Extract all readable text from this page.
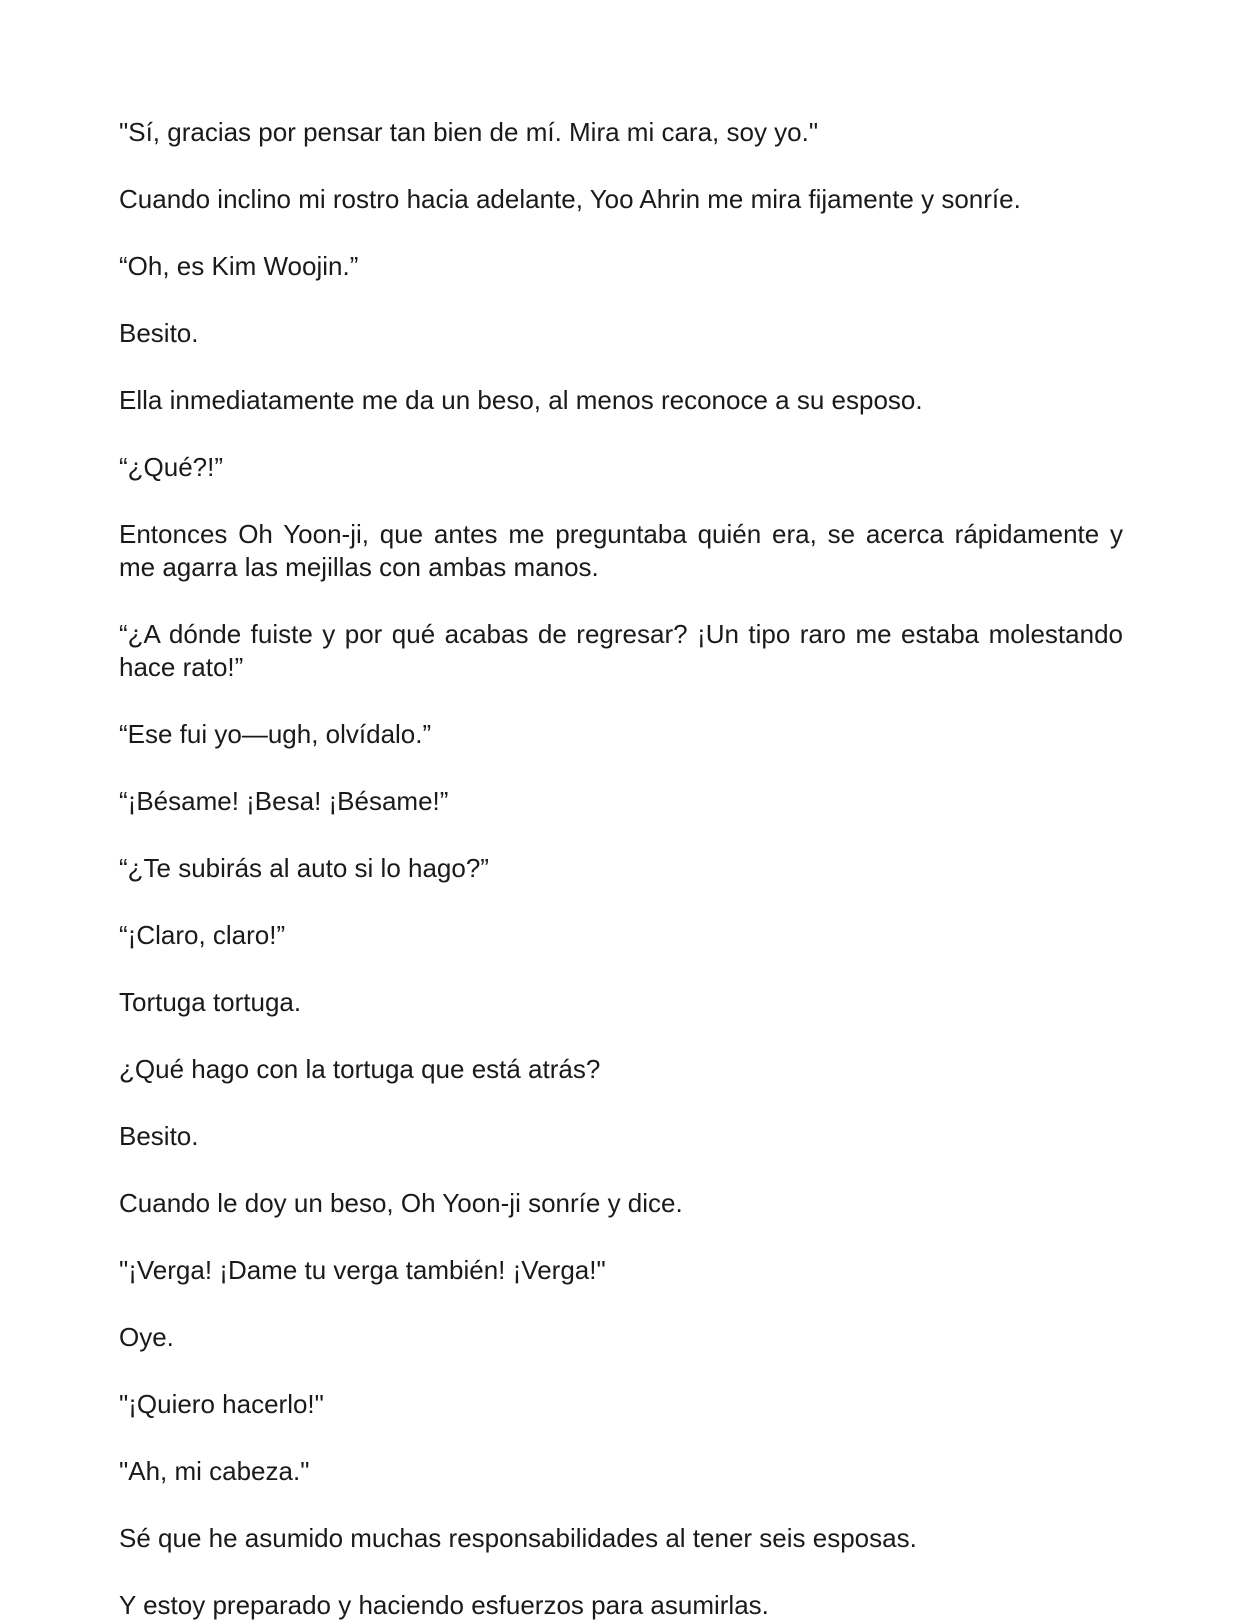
"Sí, gracias por pensar tan bien de mí. Mira mi cara, soy yo."

Cuando inclino mi rostro hacia adelante, Yoo Ahrin me mira fijamente y sonríe.

“Oh, es Kim Woojin.”

Besito.

Ella inmediatamente me da un beso, al menos reconoce a su esposo.

“¿Qué?!”

Entonces Oh Yoon-ji, que antes me preguntaba quién era, se acerca rápidamente y me agarra las mejillas con ambas manos.

“¿A dónde fuiste y por qué acabas de regresar? ¡Un tipo raro me estaba molestando hace rato!”

“Ese fui yo—ugh, olvídalo.”

“¡Bésame! ¡Besa! ¡Bésame!”

“¿Te subirás al auto si lo hago?”

“¡Claro, claro!”

Tortuga tortuga.

¿Qué hago con la tortuga que está atrás?

Besito.

Cuando le doy un beso, Oh Yoon-ji sonríe y dice.

"¡Verga! ¡Dame tu verga también! ¡Verga!"

Oye.

"¡Quiero hacerlo!"

"Ah, mi cabeza."

Sé que he asumido muchas responsabilidades al tener seis esposas.

Y estoy preparado y haciendo esfuerzos para asumirlas.
